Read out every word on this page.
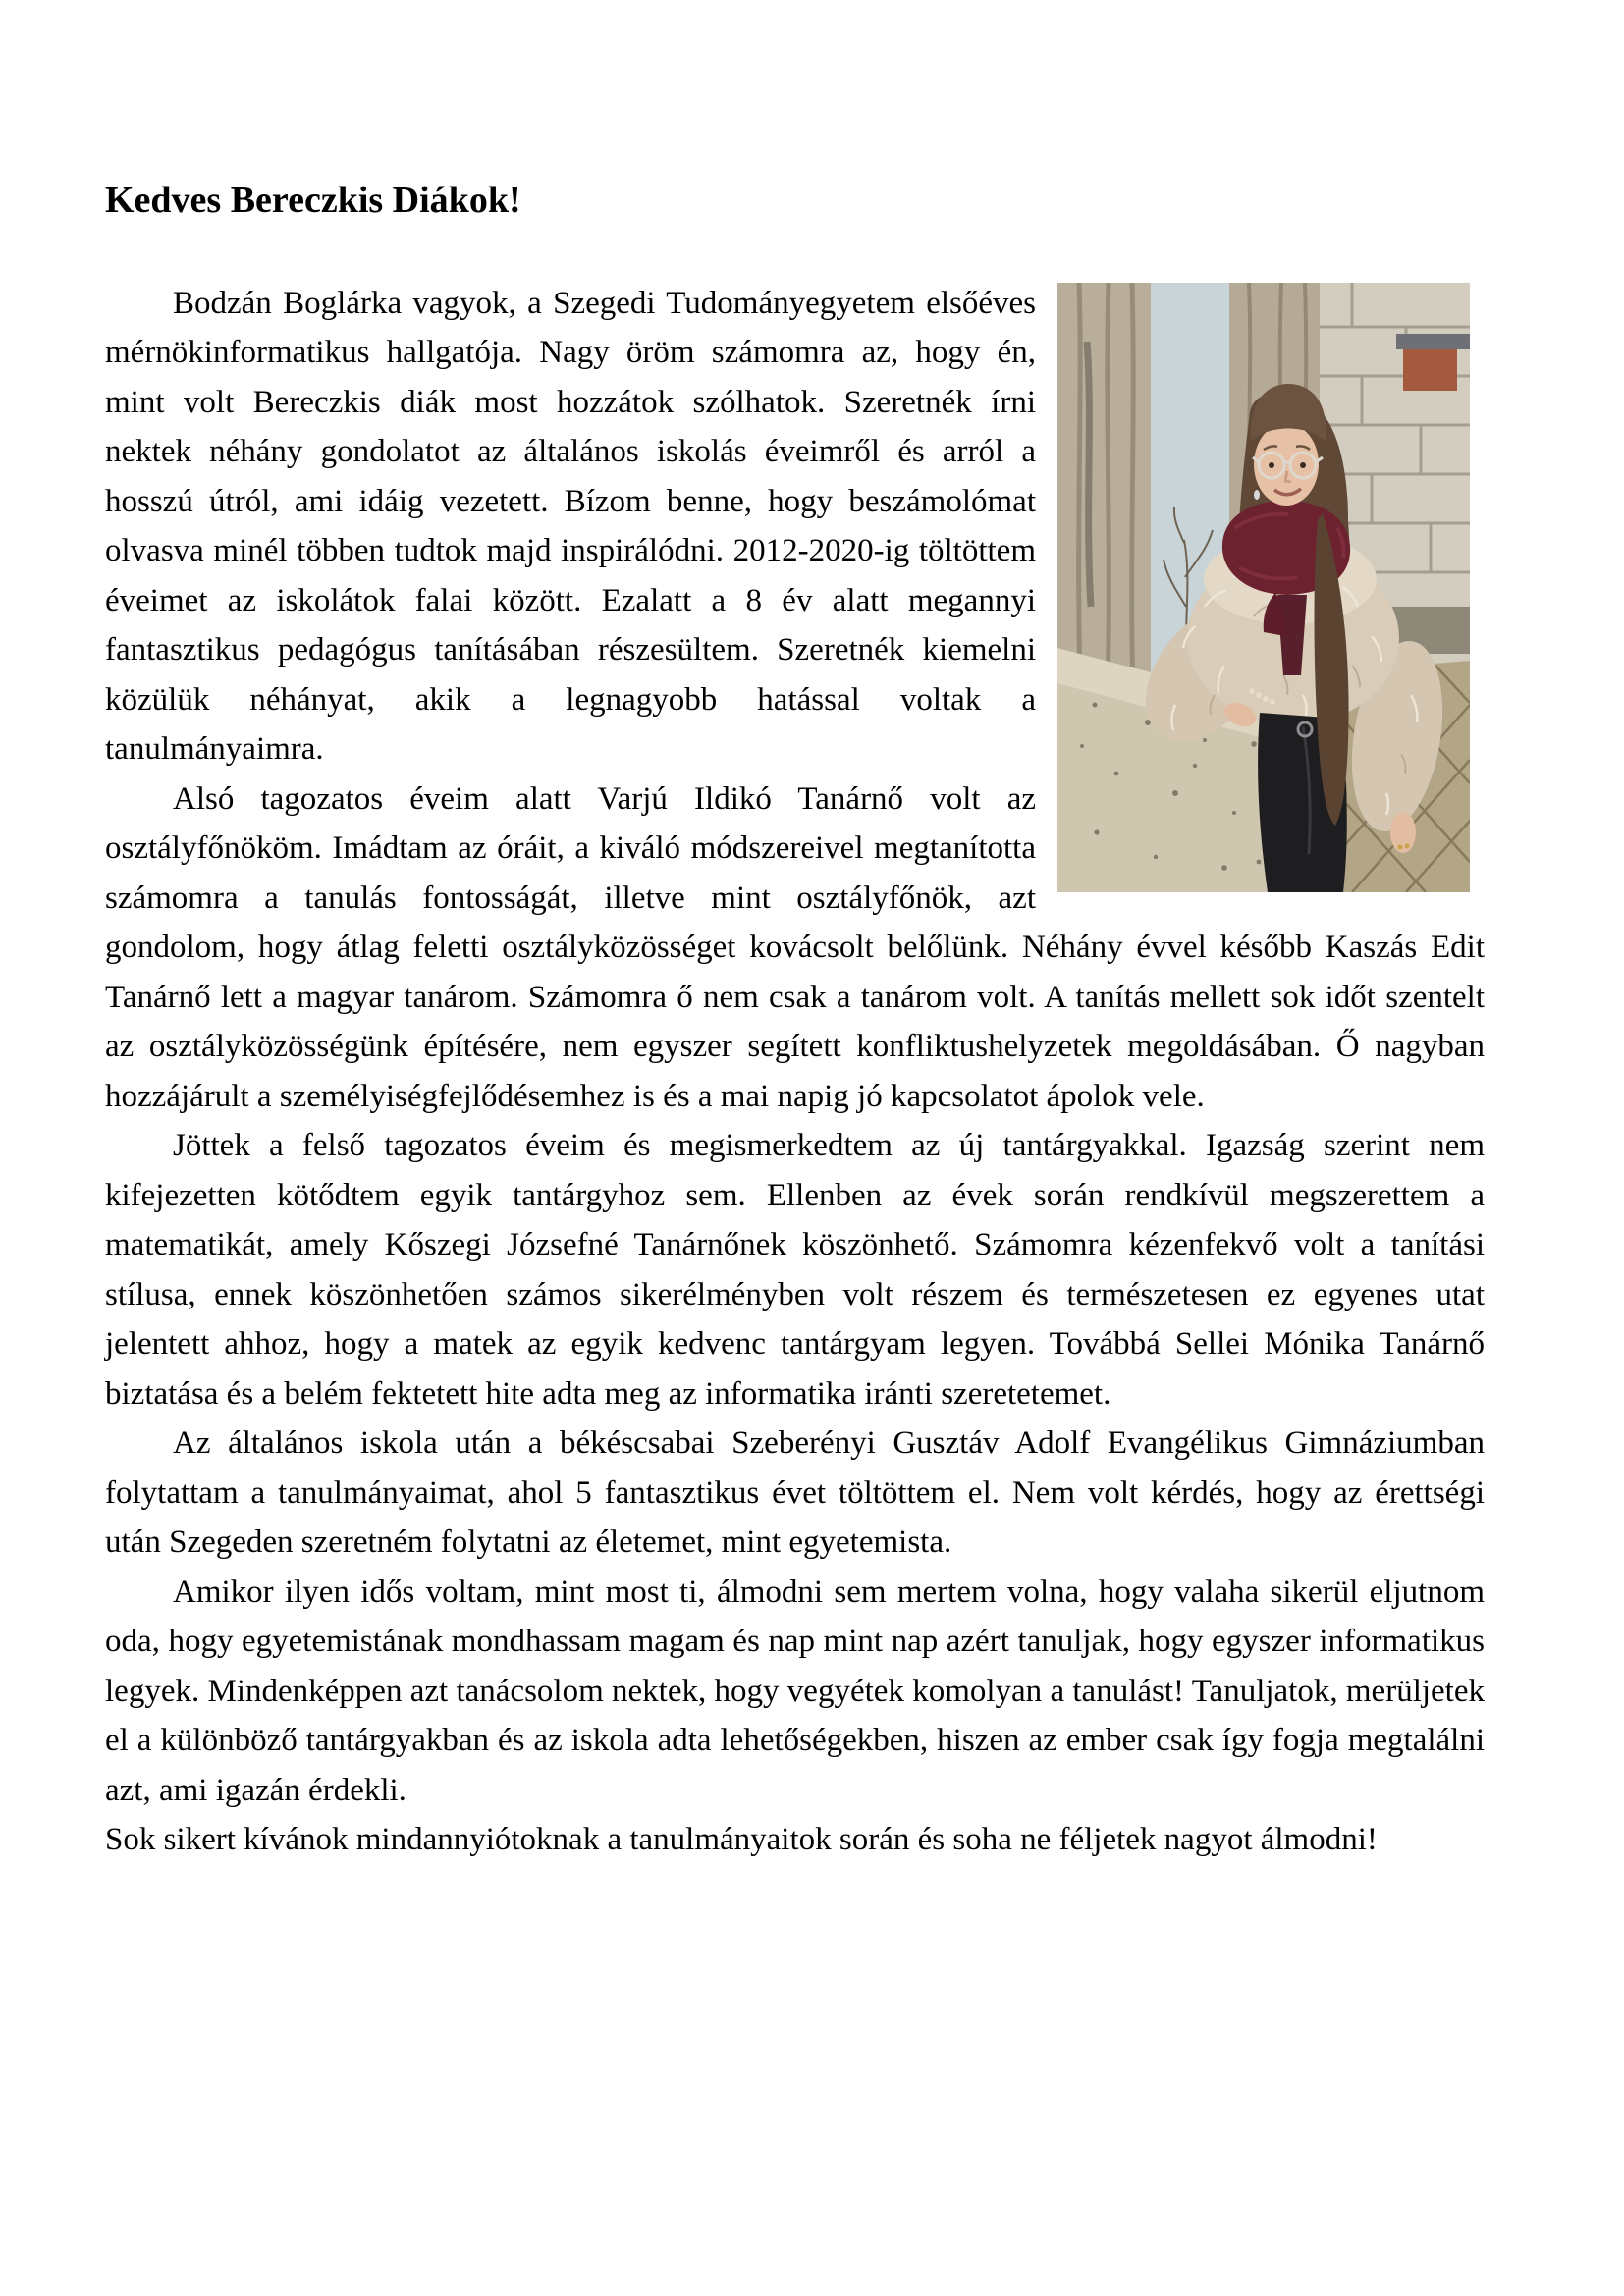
Kedves Bereczkis Diákok!

Bodzán Boglárka vagyok, a Szegedi Tudományegyetem elsőéves mérnökinformatikus hallgatója. Nagy öröm számomra az, hogy én, mint volt Bereczkis diák most hozzátok szólhatok. Szeretnék írni nektek néhány gondolatot az általános iskolás éveimről és arról a hosszú útról, ami idáig vezetett. Bízom benne, hogy beszámolómat olvasva minél többen tudtok majd inspirálódni. 2012-2020-ig töltöttem éveimet az iskolátok falai között. Ezalatt a 8 év alatt megannyi fantasztikus pedagógus tanításában részesültem. Szeretnék kiemelni közülük néhányat, akik a legnagyobb hatással voltak a tanulmányaimra.

Alsó tagozatos éveim alatt Varjú Ildikó Tanárnő volt az osztályfőnököm. Imádtam az óráit, a kiváló módszereivel megtanította számomra a tanulás fontosságát, illetve mint osztályfőnök, azt gondolom, hogy átlag feletti osztályközösséget kovácsolt belőlünk. Néhány évvel később Kaszás Edit Tanárnő lett a magyar tanárom. Számomra ő nem csak a tanárom volt. A tanítás mellett sok időt szentelt az osztályközösségünk építésére, nem egyszer segített konfliktushelyzetek megoldásában. Ő nagyban hozzájárult a személyiségfejlődésemhez is és a mai napig jó kapcsolatot ápolok vele.

Jöttek a felső tagozatos éveim és megismerkedtem az új tantárgyakkal. Igazság szerint nem kifejezetten kötődtem egyik tantárgyhoz sem. Ellenben az évek során rendkívül megszerettem a matematikát, amely Kőszegi Józsefné Tanárnőnek köszönhető. Számomra kézenfekvő volt a tanítási stílusa, ennek köszönhetően számos sikerélményben volt részem és természetesen ez egyenes utat jelentett ahhoz, hogy a matek az egyik kedvenc tantárgyam legyen. Továbbá Sellei Mónika Tanárnő biztatása és a belém fektetett hite adta meg az informatika iránti szeretetemet.

Az általános iskola után a békéscsabai Szeberényi Gusztáv Adolf Evangélikus Gimnáziumban folytattam a tanulmányaimat, ahol 5 fantasztikus évet töltöttem el. Nem volt kérdés, hogy az érettségi után Szegeden szeretném folytatni az életemet, mint egyetemista.

Amikor ilyen idős voltam, mint most ti, álmodni sem mertem volna, hogy valaha sikerül eljutnom oda, hogy egyetemistának mondhassam magam és nap mint nap azért tanuljak, hogy egyszer informatikus legyek. Mindenképpen azt tanácsolom nektek, hogy vegyétek komolyan a tanulást! Tanuljatok, merüljetek el a különböző tantárgyakban és az iskola adta lehetőségekben, hiszen az ember csak így fogja megtalálni azt, ami igazán érdekli.

Sok sikert kívánok mindannyiótoknak a tanulmányaitok során és soha ne féljetek nagyot álmodni!
